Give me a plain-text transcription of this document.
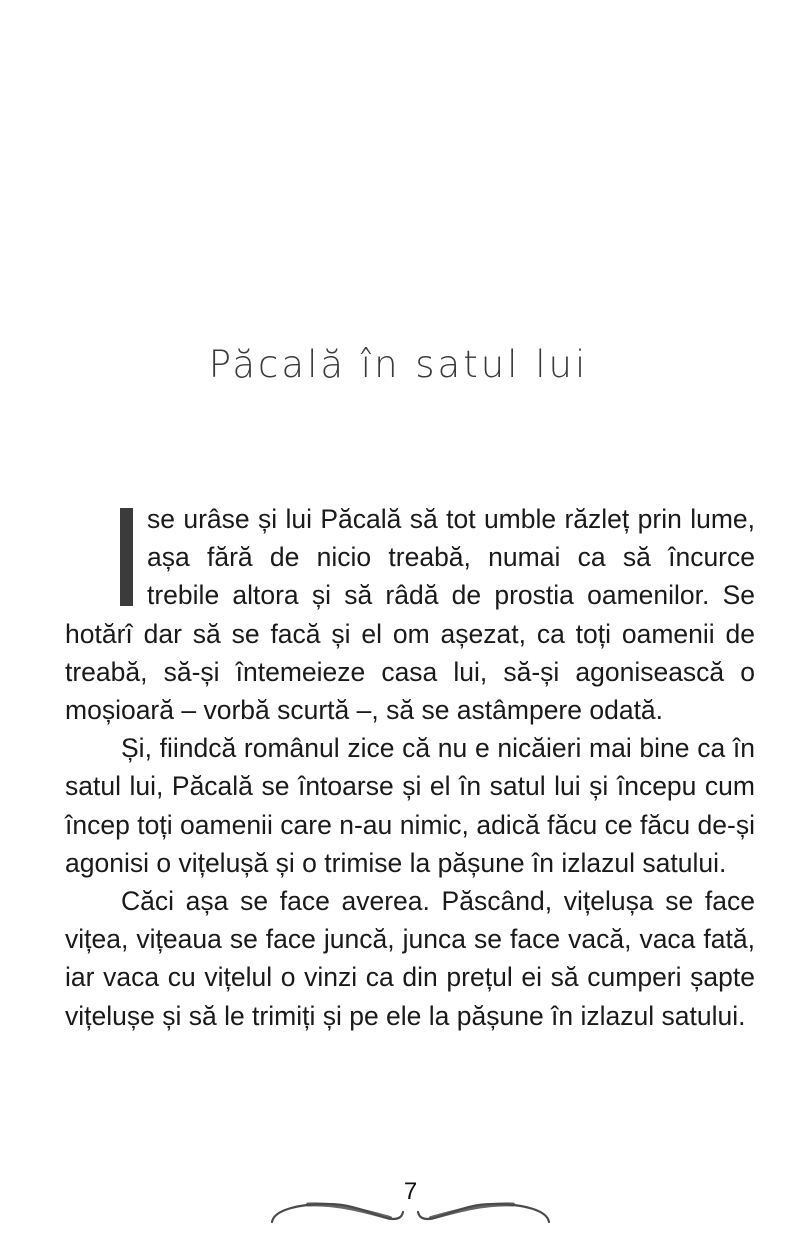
Păcală în satul lui

se urâse și lui Păcală să tot umble răzleț prin lume, așa fără de nicio treabă, numai ca să încurce trebile altora și să râdă de prostia oamenilor. Se hotărî dar să se facă și el om așezat, ca toți oamenii de treabă, să-și întemeieze casa lui, să-și agonisească o moșioară – vorbă scurtă –, să se astâmpere odată.

Și, fiindcă românul zice că nu e nicăieri mai bine ca în satul lui, Păcală se întoarse și el în satul lui și începu cum încep toți oamenii care n-au nimic, adică făcu ce făcu de-și agonisi o vițelușă și o trimise la pășune în izlazul satului.

Căci așa se face averea. Păscând, vițelușa se face vițea, vițeaua se face juncă, junca se face vacă, vaca fată, iar vaca cu vițelul o vinzi ca din prețul ei să cumperi șapte vițelușe și să le trimiți și pe ele la pășune în izlazul satului.

7
